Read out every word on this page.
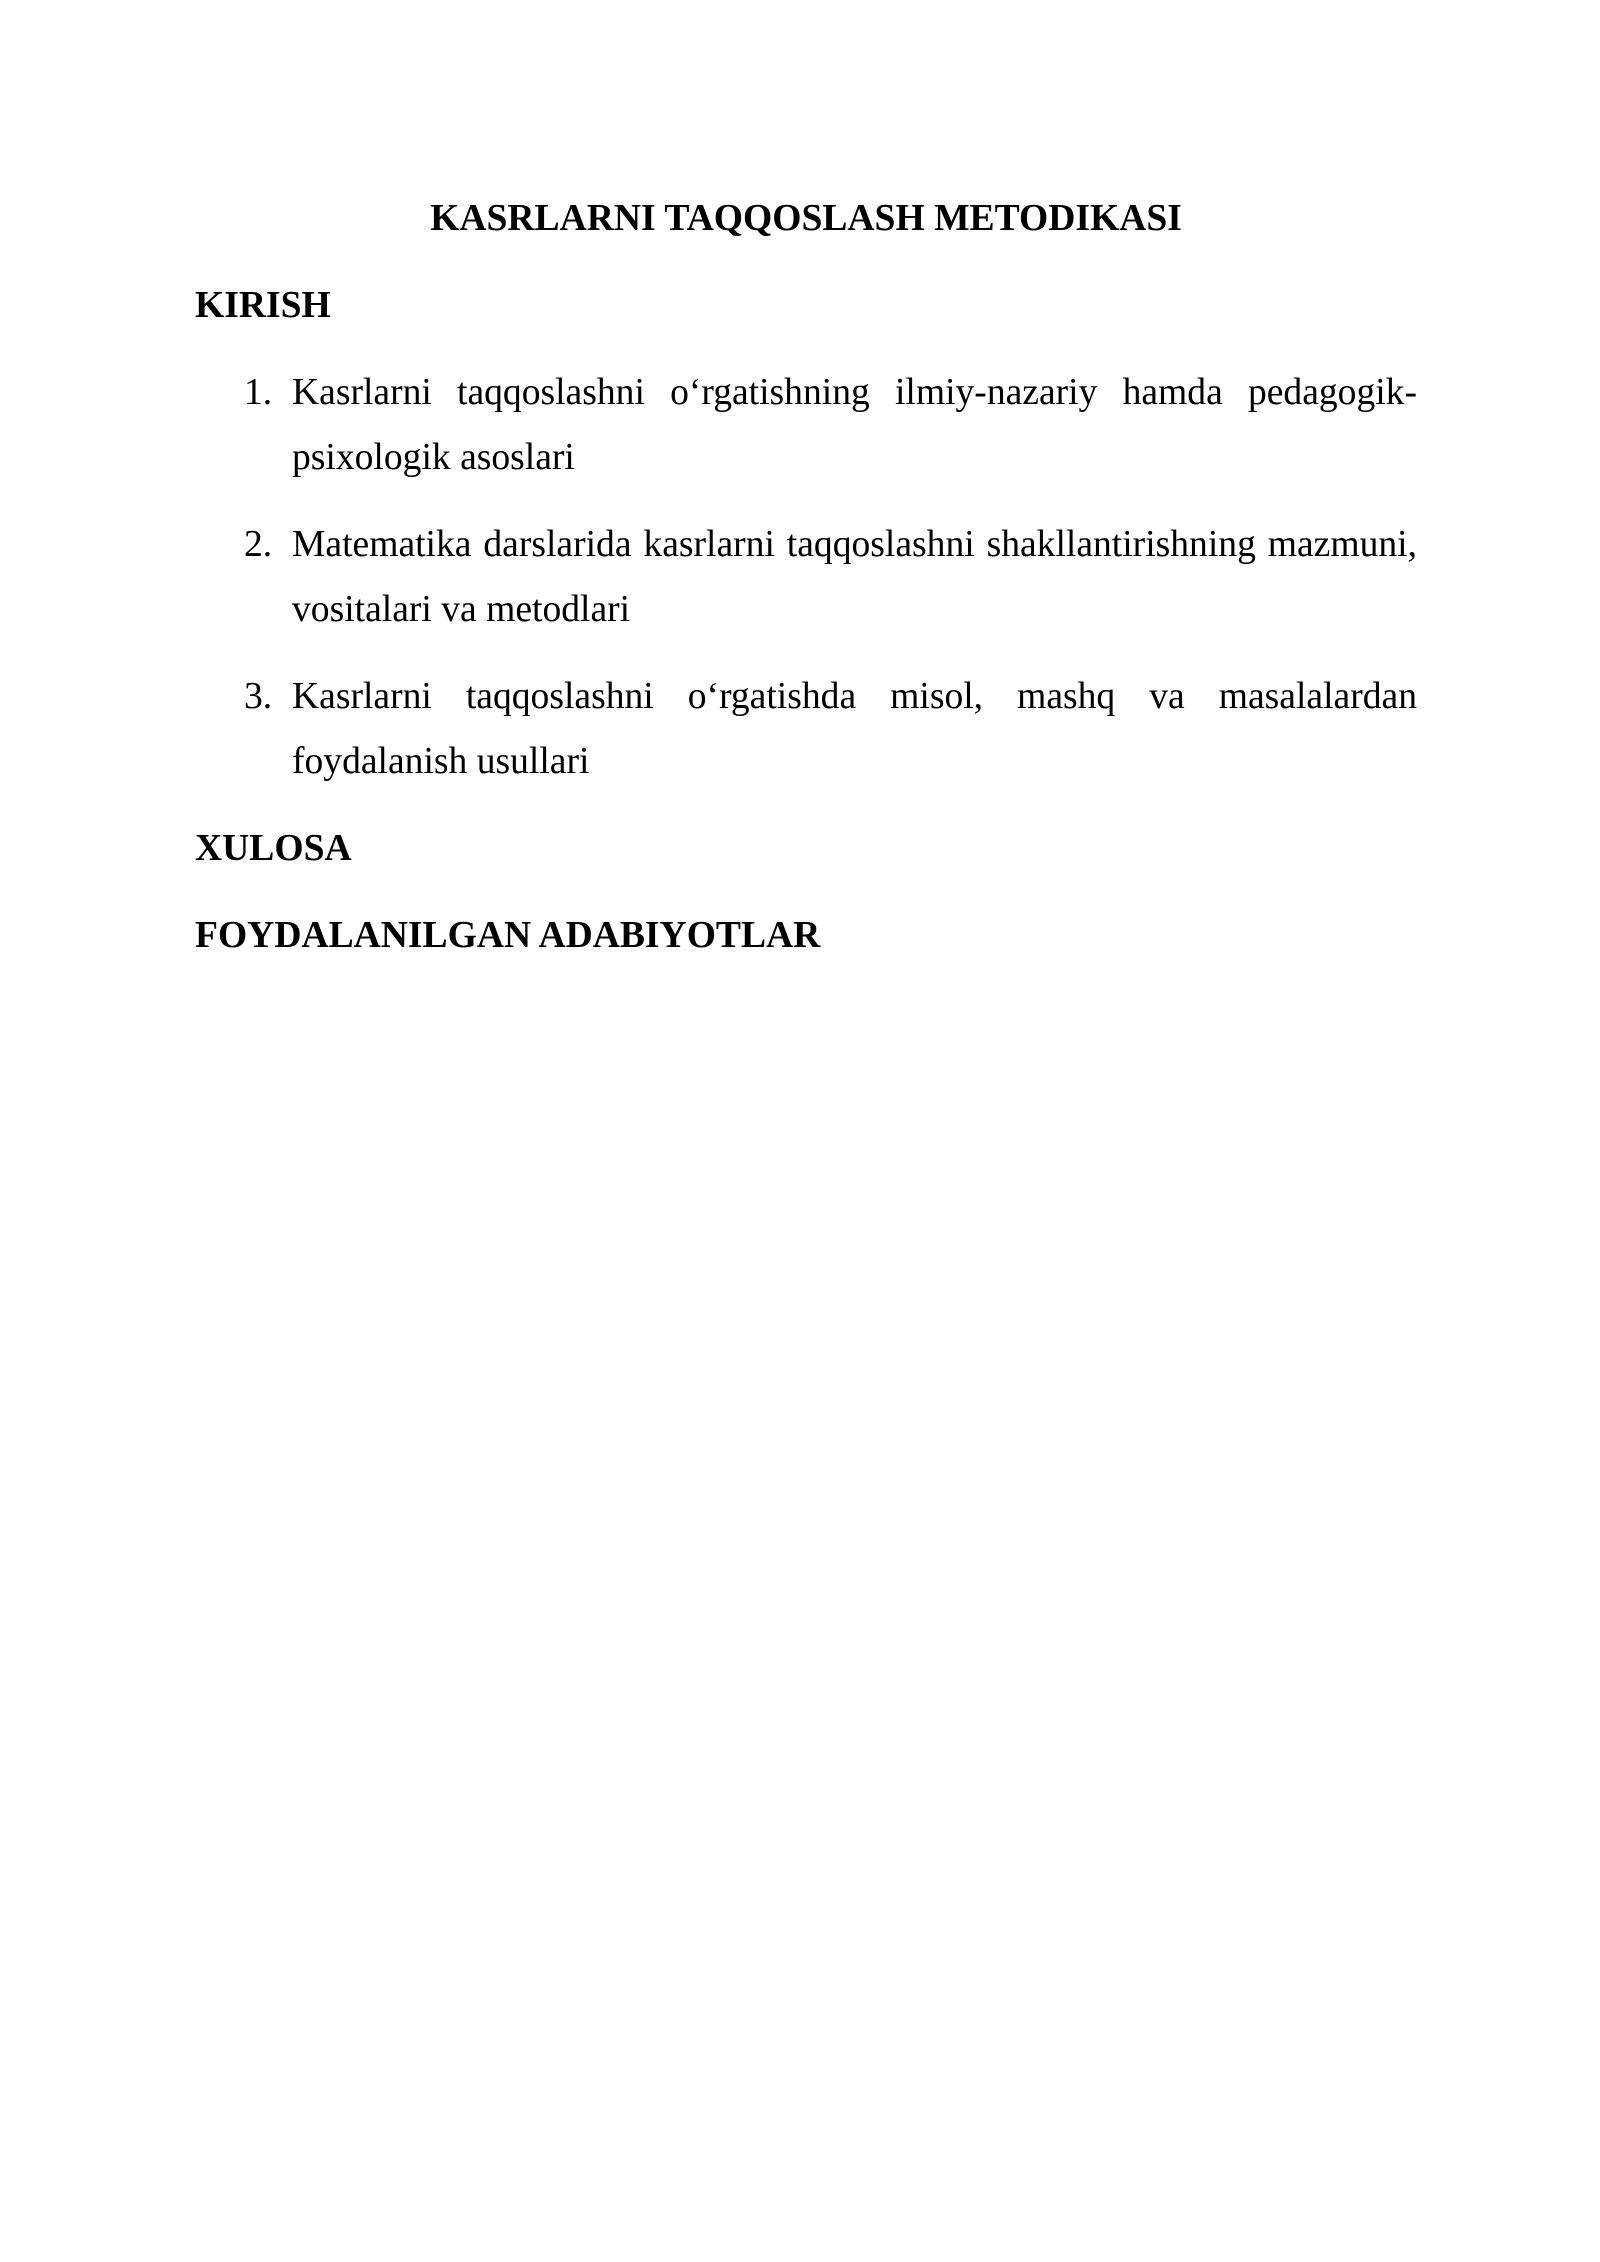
KASRLARNI TAQQOSLASH METODIKASI
KIRISH
1. Kasrlarni taqqoslashni o‘rgatishning ilmiy-nazariy hamda pedagogik-psixologik asoslari
2. Matematika darslarida kasrlarni taqqoslashni shakllantirishning mazmuni, vositalari va metodlari
3. Kasrlarni taqqoslashni o‘rgatishda misol, mashq va masalalardan foydalanish usullari
XULOSA
FOYDALANILGAN ADABIYOTLAR
